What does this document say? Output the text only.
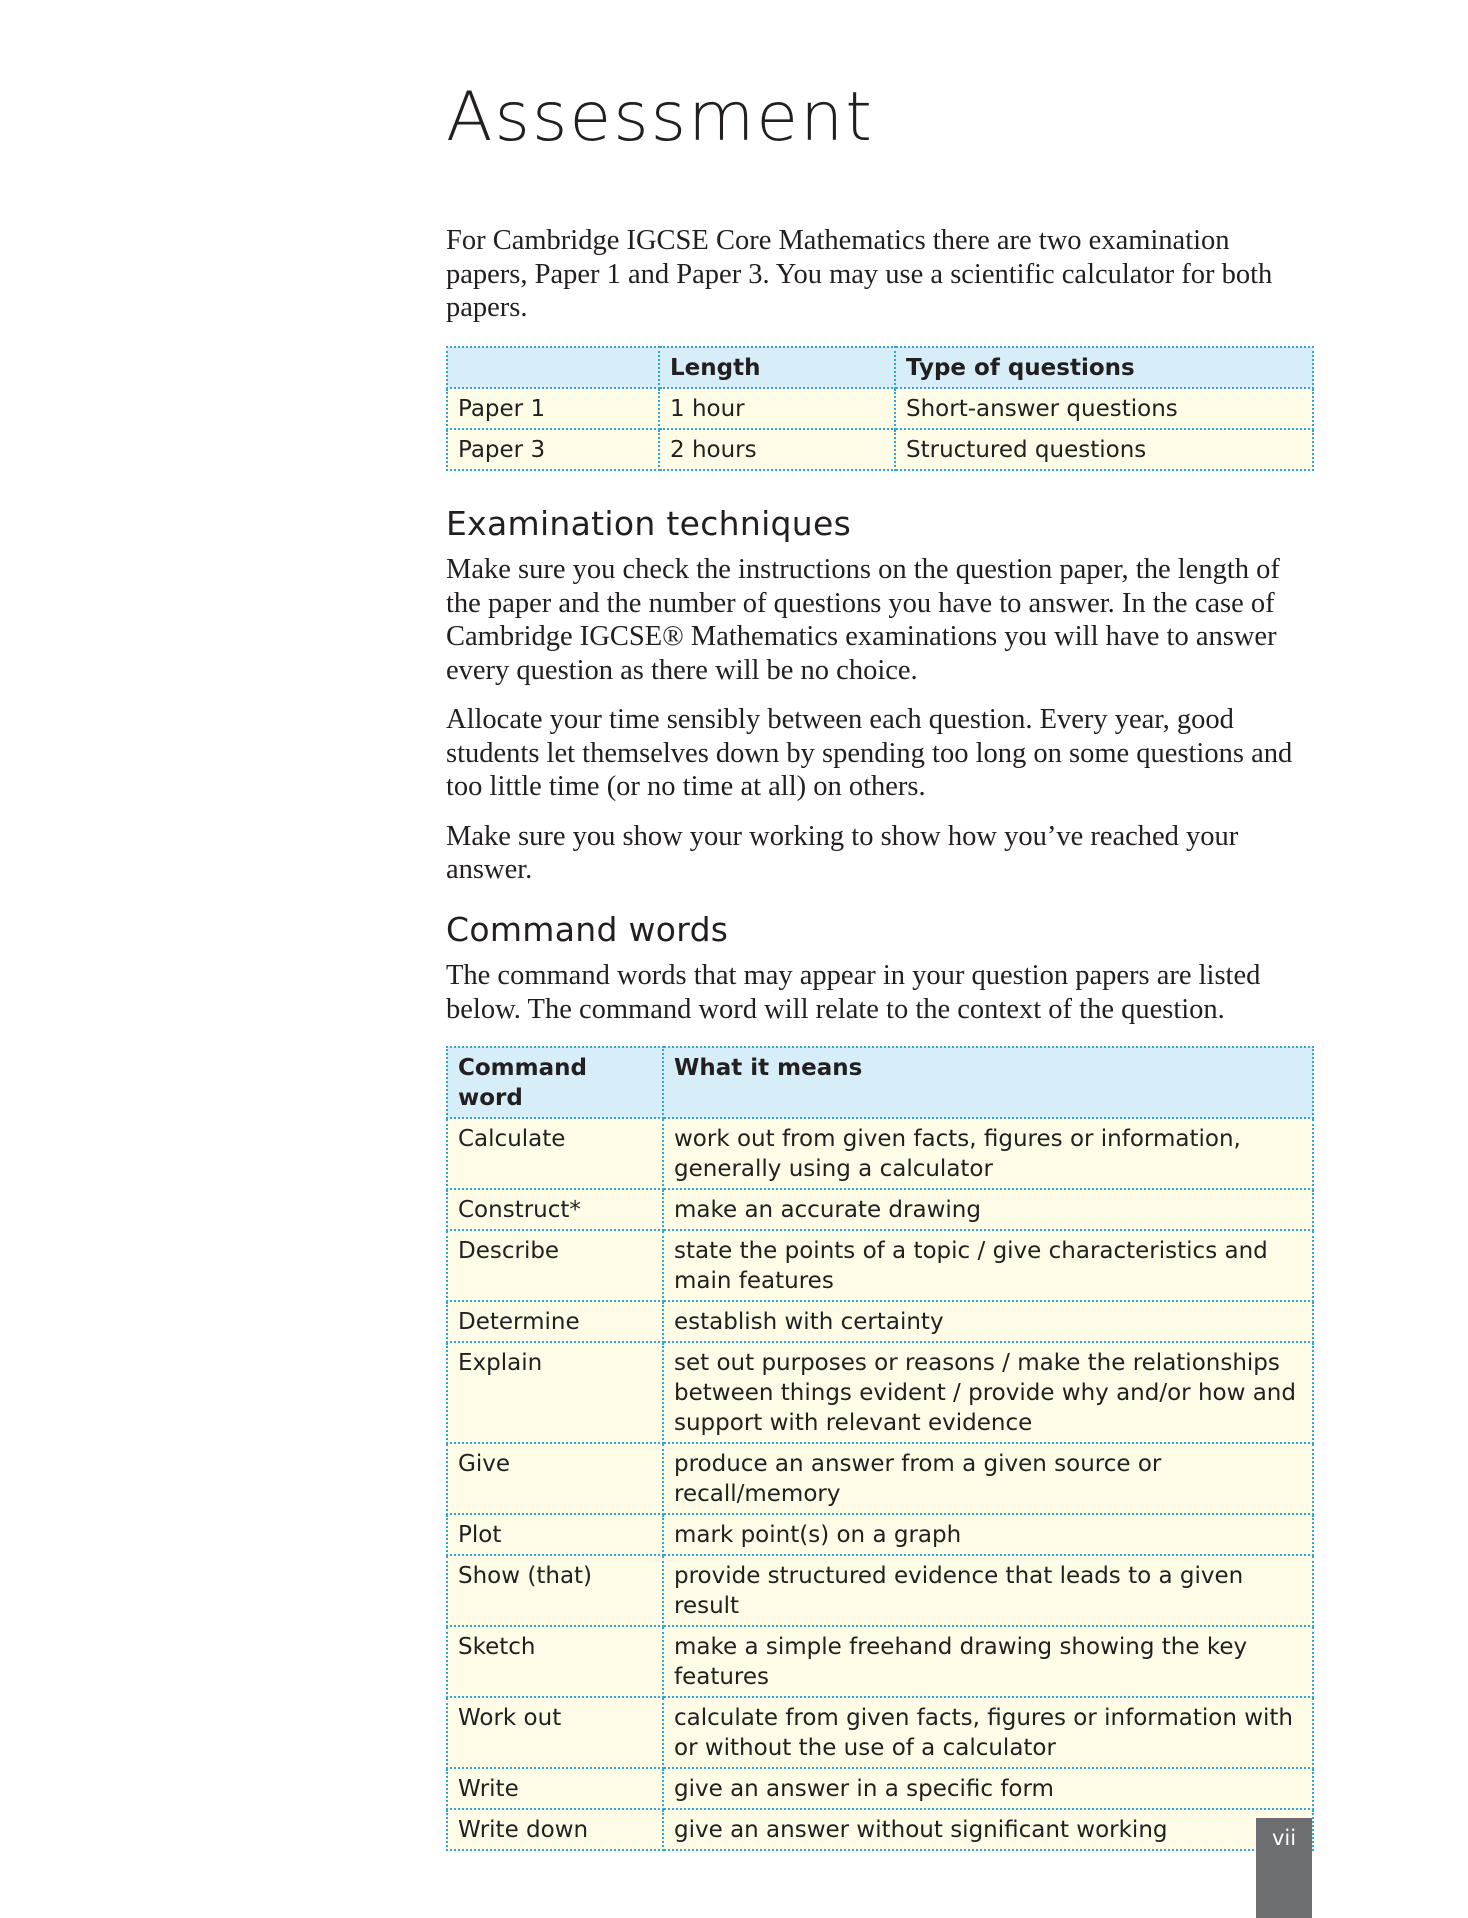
Assessment

For Cambridge IGCSE Core Mathematics there are two examination papers, Paper 1 and Paper 3. You may use a scientific calculator for both papers.

	Length	Type of questions
Paper 1	1 hour	Short-answer questions
Paper 3	2 hours	Structured questions
Examination techniques

Make sure you check the instructions on the question paper, the length of the paper and the number of questions you have to answer. In the case of Cambridge IGCSE® Mathematics examinations you will have to answer every question as there will be no choice.

Allocate your time sensibly between each question. Every year, good students let themselves down by spending too long on some questions and too little time (or no time at all) on others.

Make sure you show your working to show how you’ve reached your answer.

Command words

The command words that may appear in your question papers are listed below. The command word will relate to the context of the question.

Command word	What it means
Calculate	work out from given facts, figures or information, generally using a calculator
Construct*	make an accurate drawing
Describe	state the points of a topic / give characteristics and main features
Determine	establish with certainty
Explain	set out purposes or reasons / make the relationships between things evident / provide why and/or how and support with relevant evidence
Give	produce an answer from a given source or recall/memory
Plot	mark point(s) on a graph
Show (that)	provide structured evidence that leads to a given result
Sketch	make a simple freehand drawing showing the key features
Work out	calculate from given facts, figures or information with or without the use of a calculator
Write	give an answer in a specific form
Write down	give an answer without significant working	vii
